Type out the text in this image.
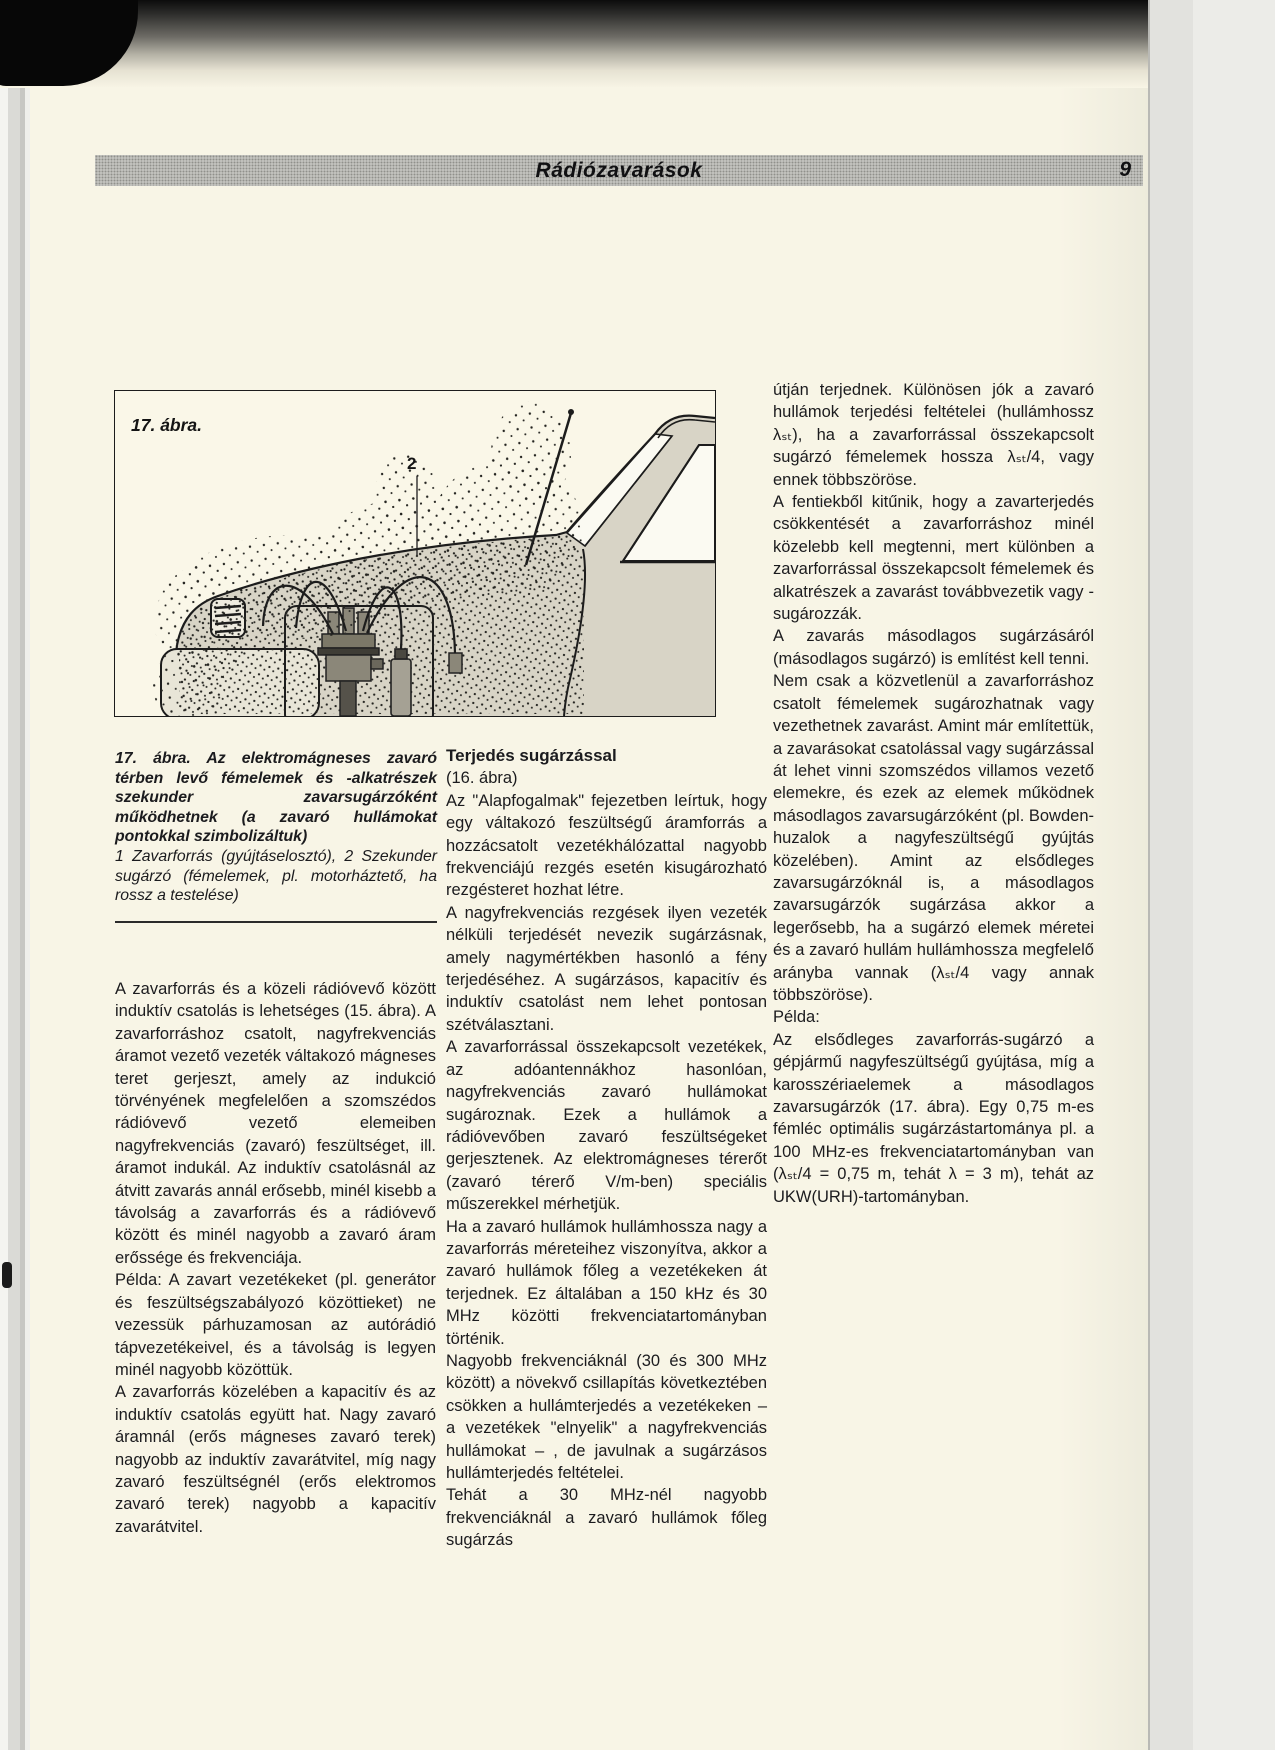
Rádiózavarások	9
2
17. ábra.

17. ábra. Az elektromágneses zavaró térben levő fémelemek és -alkatrészek szekunder zavarsugárzóként működhetnek (a zavaró hullámokat pontokkal szimbolizáltuk)

1 Zavarforrás (gyújtáselosztó), 2 Szekunder sugárzó (fémelemek, pl. motorháztető, ha rossz a testelése)

A zavarforrás és a közeli rádióvevő között induktív csatolás is lehetséges (15. ábra). A zavarforráshoz csatolt, nagyfrekvenciás áramot vezető vezeték váltakozó mágneses teret gerjeszt, amely az indukció törvényének megfelelően a szomszédos rádióvevő vezető elemeiben nagyfrekvenciás (zavaró) feszültséget, ill. áramot indukál. Az induktív csatolásnál az átvitt zavarás annál erősebb, minél kisebb a távolság a zavarforrás és a rádióvevő között és minél nagyobb a zavaró áram erőssége és frekvenciája.

Példa: A zavart vezetékeket (pl. generátor és feszültségszabályozó közöttieket) ne vezessük párhuzamosan az autórádió tápvezetékeivel, és a távolság is legyen minél nagyobb közöttük.

A zavarforrás közelében a kapacitív és az induktív csatolás együtt hat. Nagy zavaró áramnál (erős mágneses zavaró terek) nagyobb az induktív zavarátvitel, míg nagy zavaró feszültségnél (erős elektromos zavaró terek) nagyobb a kapacitív zavarátvitel.

Terjedés sugárzással

(16. ábra)

Az "Alapfogalmak" fejezetben leírtuk, hogy egy váltakozó feszültségű áramforrás a hozzácsatolt vezetékhálózattal nagyobb frekvenciájú rezgés esetén kisugározható rezgésteret hozhat létre.

A nagyfrekvenciás rezgések ilyen vezeték nélküli terjedését nevezik sugárzásnak, amely nagymértékben hasonló a fény terjedéséhez. A sugárzásos, kapacitív és induktív csatolást nem lehet pontosan szétválasztani.

A zavarforrással összekapcsolt vezetékek, az adóantennákhoz hasonlóan, nagyfrekvenciás zavaró hullámokat sugároznak. Ezek a hullámok a rádióvevőben zavaró feszültségeket gerjesztenek. Az elektromágneses térerőt (zavaró térerő V/m-ben) speciális műszerekkel mérhetjük.

Ha a zavaró hullámok hullámhossza nagy a zavarforrás méreteihez viszonyítva, akkor a zavaró hullámok főleg a vezetékeken át terjednek. Ez általában a 150 kHz és 30 MHz közötti frekvenciatartományban történik.

Nagyobb frekvenciáknál (30 és 300 MHz között) a növekvő csillapítás következtében csökken a hullámterjedés a vezetékeken – a vezetékek "elnyelik" a nagyfrekvenciás hullámokat – , de javulnak a sugárzásos hullámterjedés feltételei.

Tehát a 30 MHz-nél nagyobb frekvenciáknál a zavaró hullámok főleg sugárzás

útján terjednek. Különösen jók a zavaró hullámok terjedési feltételei (hullámhossz λₛₜ), ha a zavarforrással összekapcsolt sugárzó fémelemek hossza λₛₜ/4, vagy ennek többszöröse.

A fentiekből kitűnik, hogy a zavarterjedés csökkentését a zavarforráshoz minél közelebb kell megtenni, mert különben a zavarforrással összekapcsolt fémelemek és alkatrészek a zavarást továbbvezetik vagy -sugározzák.

A zavarás másodlagos sugárzásáról (másodlagos sugárzó) is említést kell tenni.

Nem csak a közvetlenül a zavarforráshoz csatolt fémelemek sugározhatnak vagy vezethetnek zavarást. Amint már említettük, a zavarásokat csatolással vagy sugárzással át lehet vinni szomszédos villamos vezető elemekre, és ezek az elemek működnek másodlagos zavarsugárzóként (pl. Bowden-huzalok a nagyfeszültségű gyújtás közelében). Amint az elsődleges zavarsugárzóknál is, a másodlagos zavarsugárzók sugárzása akkor a legerősebb, ha a sugárzó elemek méretei és a zavaró hullám hullámhossza megfelelő arányba vannak (λₛₜ/4 vagy annak többszöröse).

Példa:

Az elsődleges zavarforrás-sugárzó a gépjármű nagyfeszültségű gyújtása, míg a karosszériaelemek a másodlagos zavarsugárzók (17. ábra). Egy 0,75 m-es fémléc optimális sugárzástartománya pl. a 100 MHz-es frekvenciatartományban van (λₛₜ/4 = 0,75 m, tehát λ = 3 m), tehát az UKW(URH)-tartományban.
